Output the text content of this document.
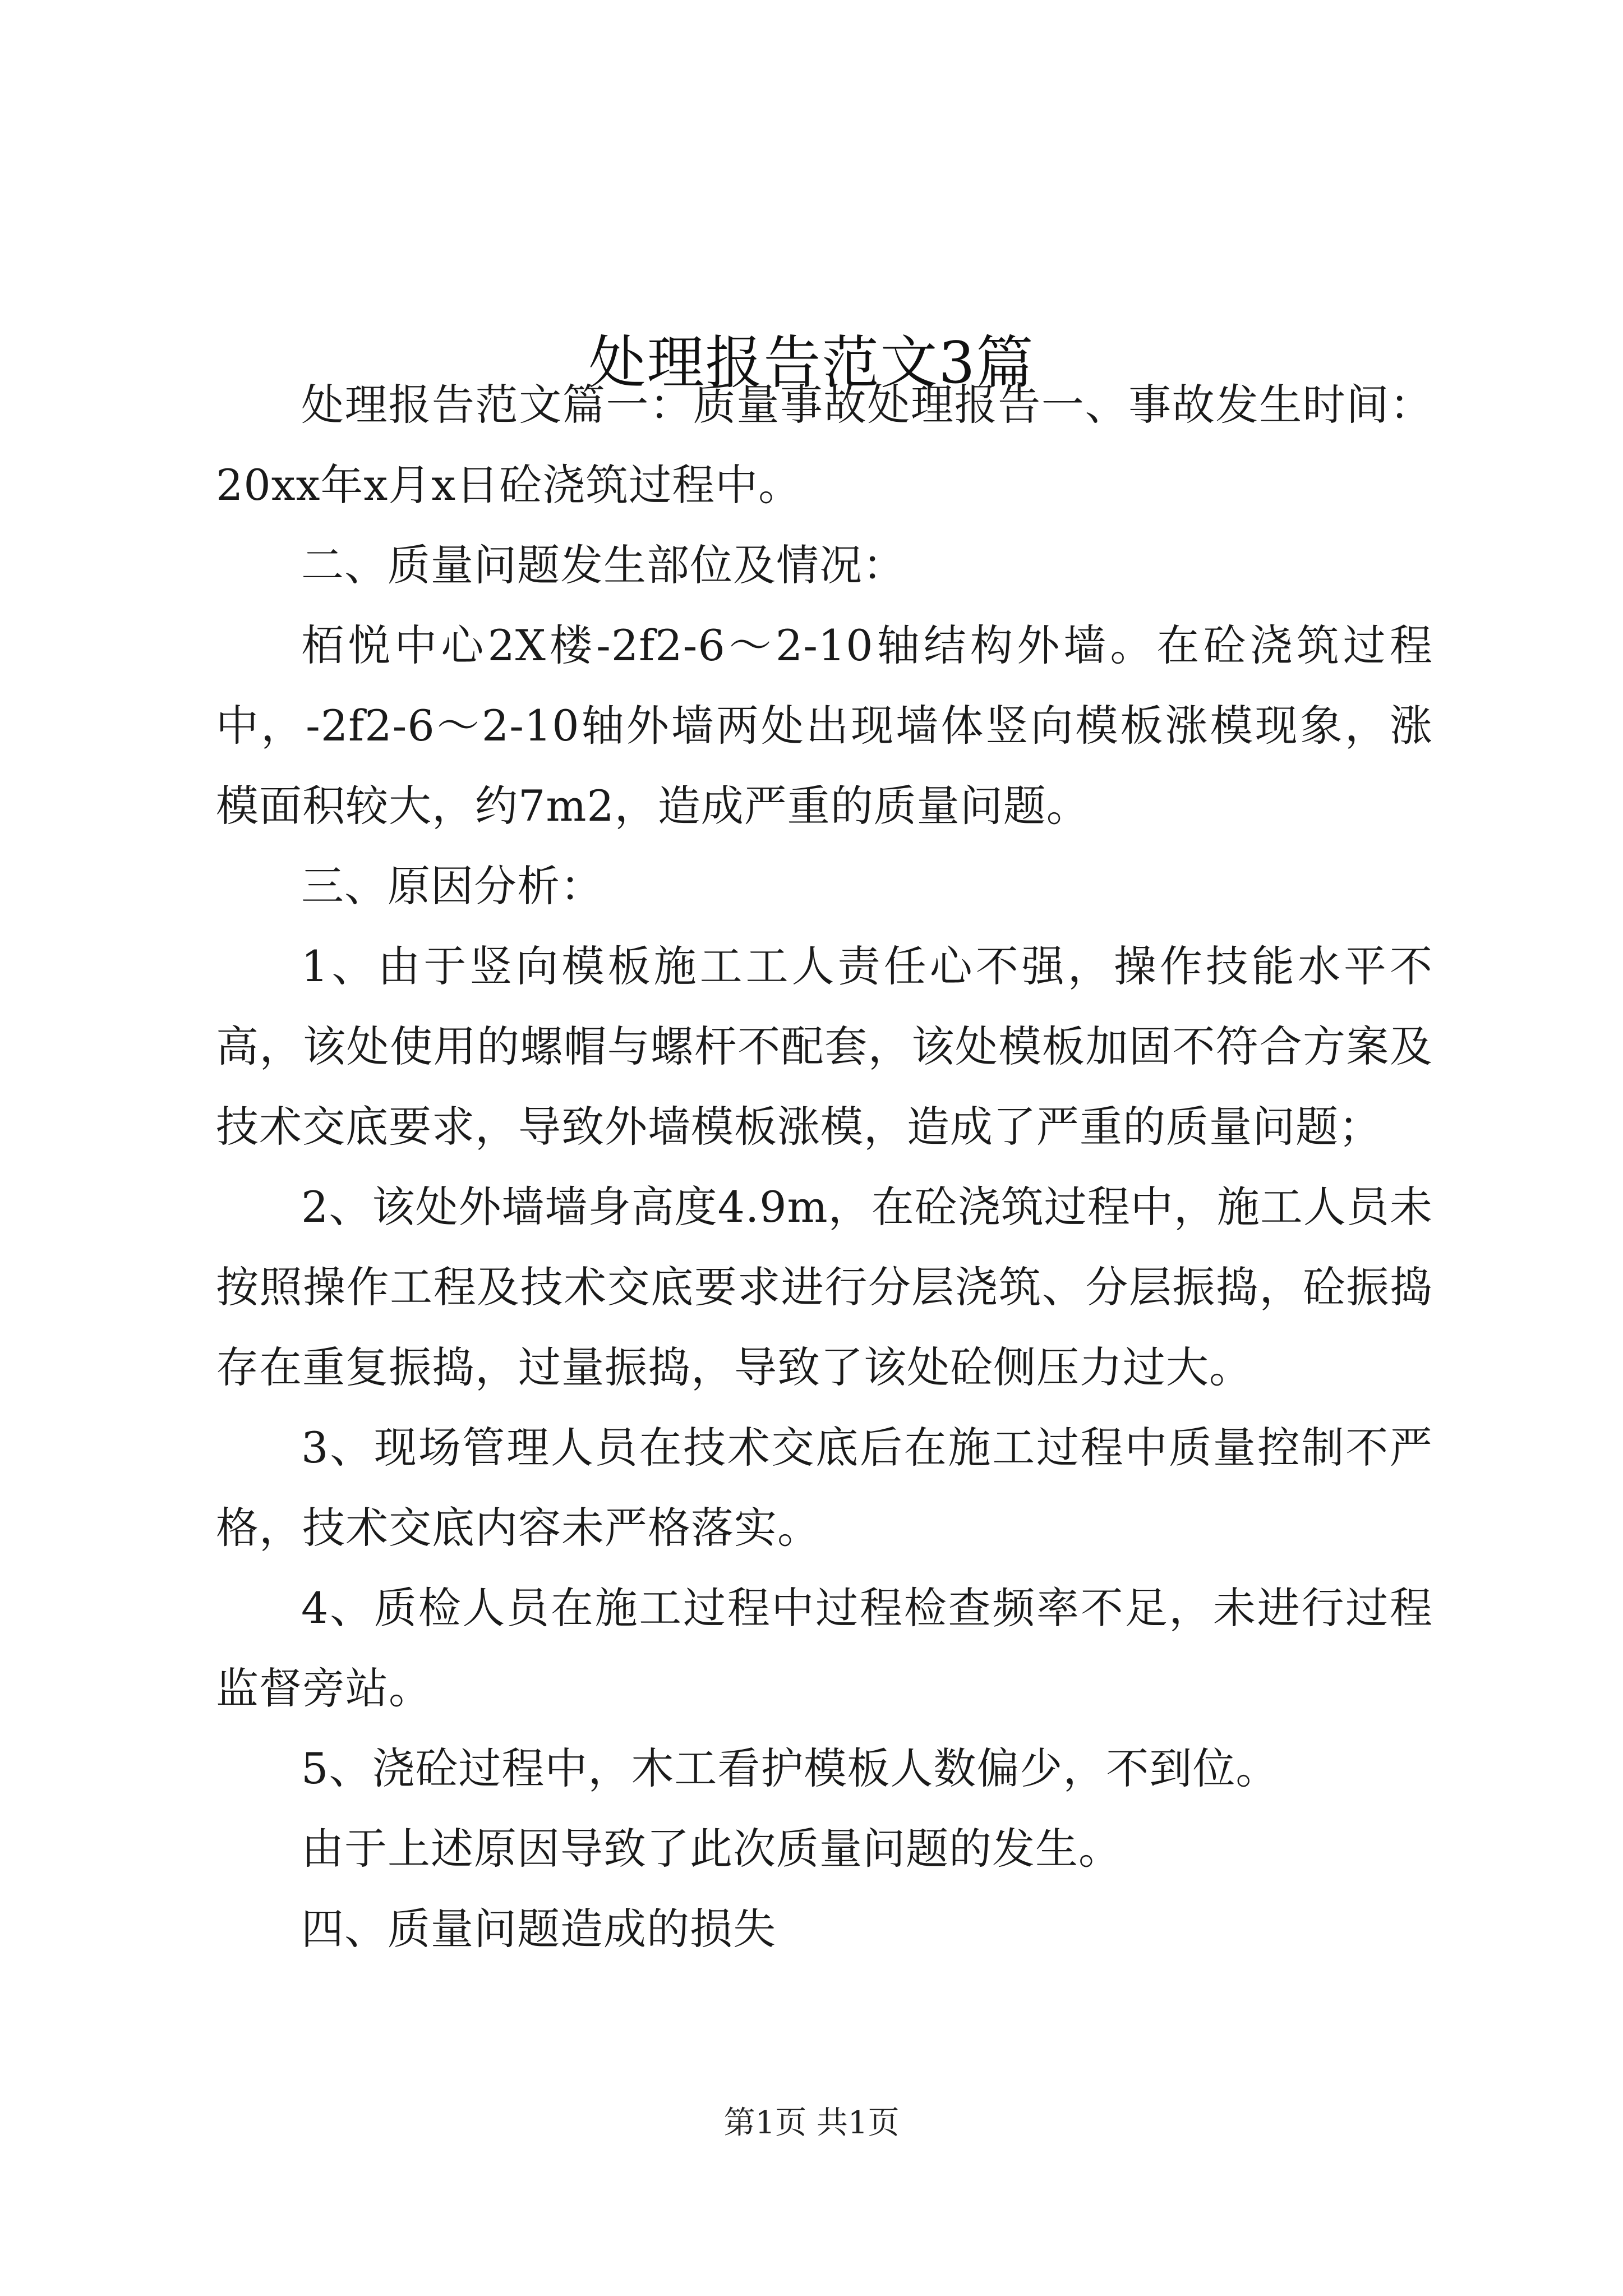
处理报告范文3篇

处理报告范文篇一：质量事故处理报告一、事故发生时间：20xx年x月x日砼浇筑过程中。

二、质量问题发生部位及情况：

栢悦中心2X楼-2f2-6～2-10轴结构外墙。在砼浇筑过程中，-2f2-6～2-10轴外墙两处出现墙体竖向模板涨模现象，涨模面积较大，约7m2，造成严重的质量问题。

三、原因分析：

1、由于竖向模板施工工人责任心不强，操作技能水平不高，该处使用的螺帽与螺杆不配套，该处模板加固不符合方案及技术交底要求，导致外墙模板涨模，造成了严重的质量问题；

2、该处外墙墙身高度4.9m，在砼浇筑过程中，施工人员未按照操作工程及技术交底要求进行分层浇筑、分层振捣，砼振捣存在重复振捣，过量振捣，导致了该处砼侧压力过大。

3、现场管理人员在技术交底后在施工过程中质量控制不严格，技术交底内容未严格落实。

4、质检人员在施工过程中过程检查频率不足，未进行过程监督旁站。

5、浇砼过程中，木工看护模板人数偏少，不到位。

由于上述原因导致了此次质量问题的发生。

四、质量问题造成的损失

第1页 共1页
